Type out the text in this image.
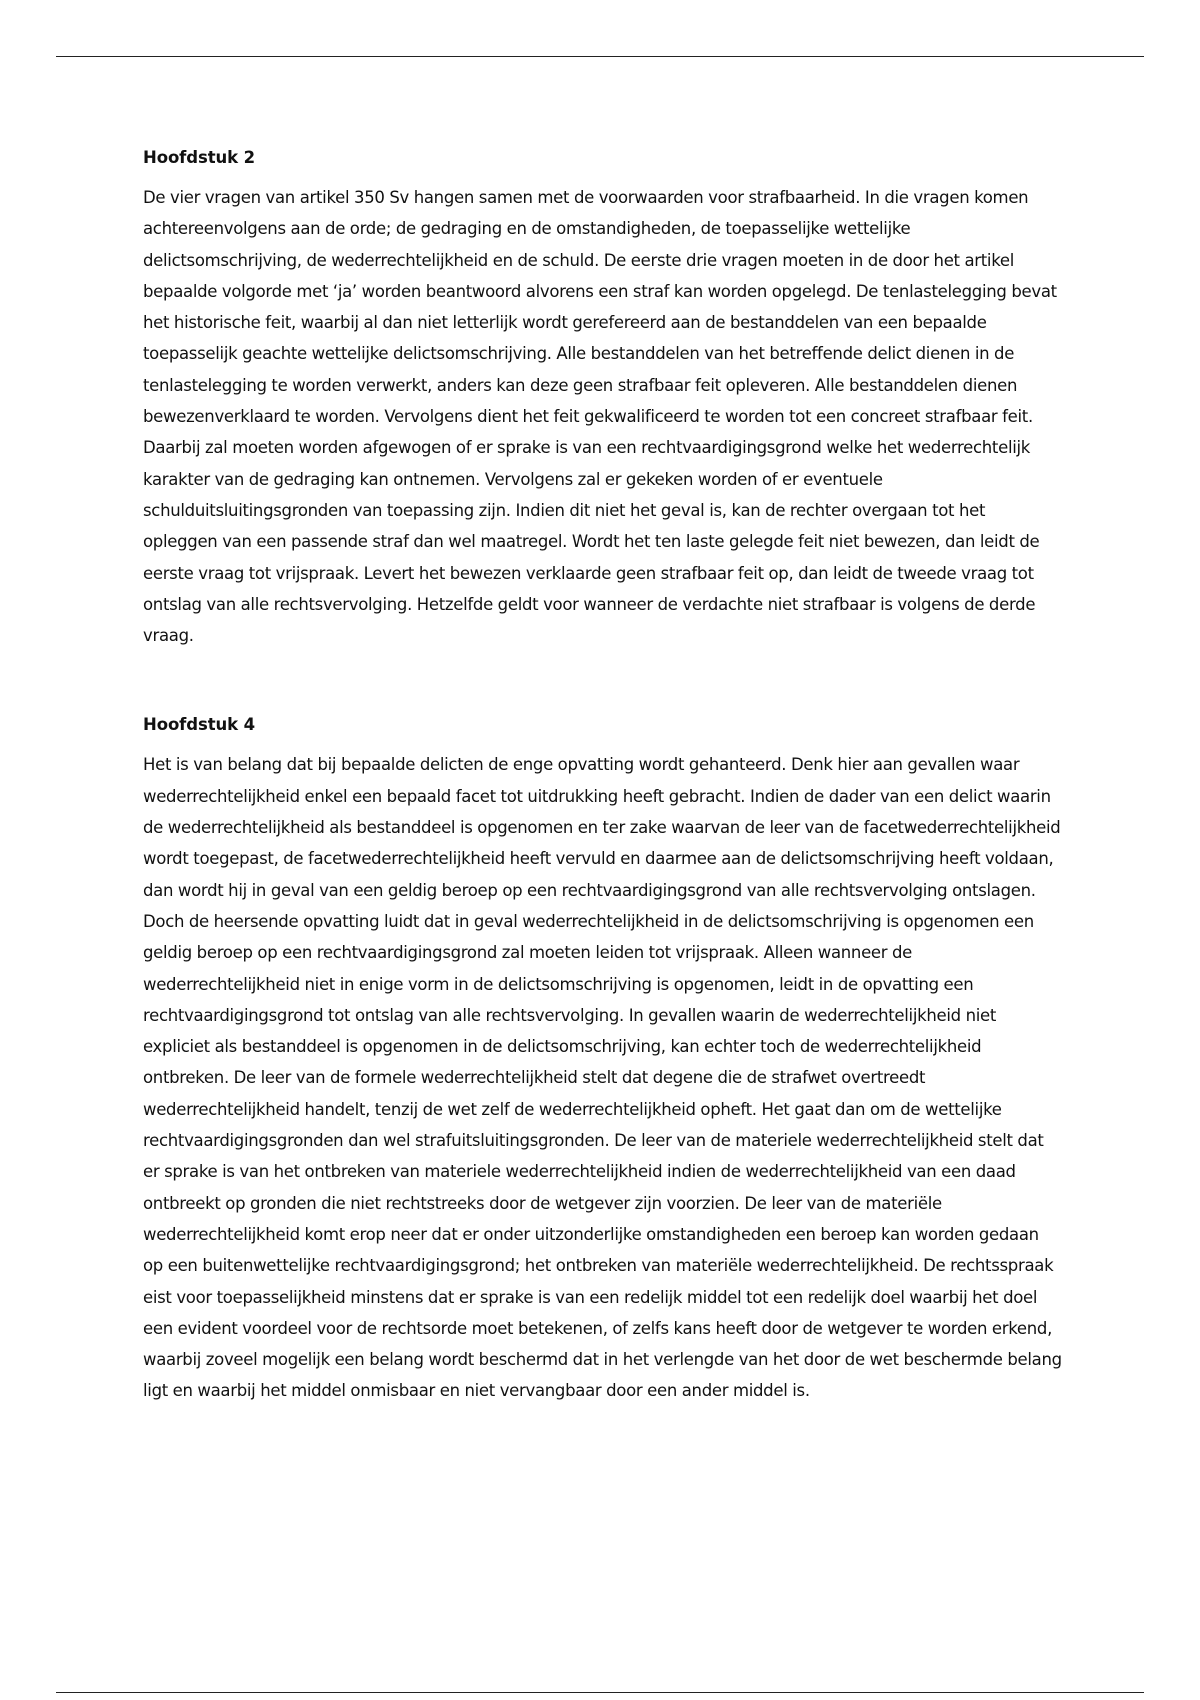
Hoofdstuk 2

De vier vragen van artikel 350 Sv hangen samen met de voorwaarden voor strafbaarheid. In die vragen komen achtereenvolgens aan de orde; de gedraging en de omstandigheden, de toepasselijke wettelijke delictsomschrijving, de wederrechtelijkheid en de schuld. De eerste drie vragen moeten in de door het artikel bepaalde volgorde met ‘ja’ worden beantwoord alvorens een straf kan worden opgelegd. De tenlastelegging bevat het historische feit, waarbij al dan niet letterlijk wordt gerefereerd aan de bestanddelen van een bepaalde toepasselijk geachte wettelijke delictsomschrijving. Alle bestanddelen van het betreffende delict dienen in de tenlastelegging te worden verwerkt, anders kan deze geen strafbaar feit opleveren. Alle bestanddelen dienen bewezenverklaard te worden. Vervolgens dient het feit gekwalificeerd te worden tot een concreet strafbaar feit. Daarbij zal moeten worden afgewogen of er sprake is van een rechtvaardigingsgrond welke het wederrechtelijk karakter van de gedraging kan ontnemen. Vervolgens zal er gekeken worden of er eventuele schulduitsluitingsgronden van toepassing zijn. Indien dit niet het geval is, kan de rechter overgaan tot het opleggen van een passende straf dan wel maatregel. Wordt het ten laste gelegde feit niet bewezen, dan leidt de eerste vraag tot vrijspraak. Levert het bewezen verklaarde geen strafbaar feit op, dan leidt de tweede vraag tot ontslag van alle rechtsvervolging. Hetzelfde geldt voor wanneer de verdachte niet strafbaar is volgens de derde vraag.

Hoofdstuk 4

Het is van belang dat bij bepaalde delicten de enge opvatting wordt gehanteerd. Denk hier aan gevallen waar wederrechtelijkheid enkel een bepaald facet tot uitdrukking heeft gebracht. Indien de dader van een delict waarin de wederrechtelijkheid als bestanddeel is opgenomen en ter zake waarvan de leer van de facetwederrechtelijkheid wordt toegepast, de facetwederrechtelijkheid heeft vervuld en daarmee aan de delictsomschrijving heeft voldaan, dan wordt hij in geval van een geldig beroep op een rechtvaardigingsgrond van alle rechtsvervolging ontslagen. Doch de heersende opvatting luidt dat in geval wederrechtelijkheid in de delictsomschrijving is opgenomen een geldig beroep op een rechtvaardigingsgrond zal moeten leiden tot vrijspraak. Alleen wanneer de wederrechtelijkheid niet in enige vorm in de delictsomschrijving is opgenomen, leidt in de opvatting een rechtvaardigingsgrond tot ontslag van alle rechtsvervolging. In gevallen waarin de wederrechtelijkheid niet expliciet als bestanddeel is opgenomen in de delictsomschrijving, kan echter toch de wederrechtelijkheid ontbreken. De leer van de formele wederrechtelijkheid stelt dat degene die de strafwet overtreedt wederrechtelijkheid handelt, tenzij de wet zelf de wederrechtelijkheid opheft. Het gaat dan om de wettelijke rechtvaardigingsgronden dan wel strafuitsluitingsgronden. De leer van de materiele wederrechtelijkheid stelt dat er sprake is van het ontbreken van materiele wederrechtelijkheid indien de wederrechtelijkheid van een daad ontbreekt op gronden die niet rechtstreeks door de wetgever zijn voorzien. De leer van de materiële wederrechtelijkheid komt erop neer dat er onder uitzonderlijke omstandigheden een beroep kan worden gedaan op een buitenwettelijke rechtvaardigingsgrond; het ontbreken van materiële wederrechtelijkheid. De rechtsspraak eist voor toepasselijkheid minstens dat er sprake is van een redelijk middel tot een redelijk doel waarbij het doel een evident voordeel voor de rechtsorde moet betekenen, of zelfs kans heeft door de wetgever te worden erkend, waarbij zoveel mogelijk een belang wordt beschermd dat in het verlengde van het door de wet beschermde belang ligt en waarbij het middel onmisbaar en niet vervangbaar door een ander middel is.
